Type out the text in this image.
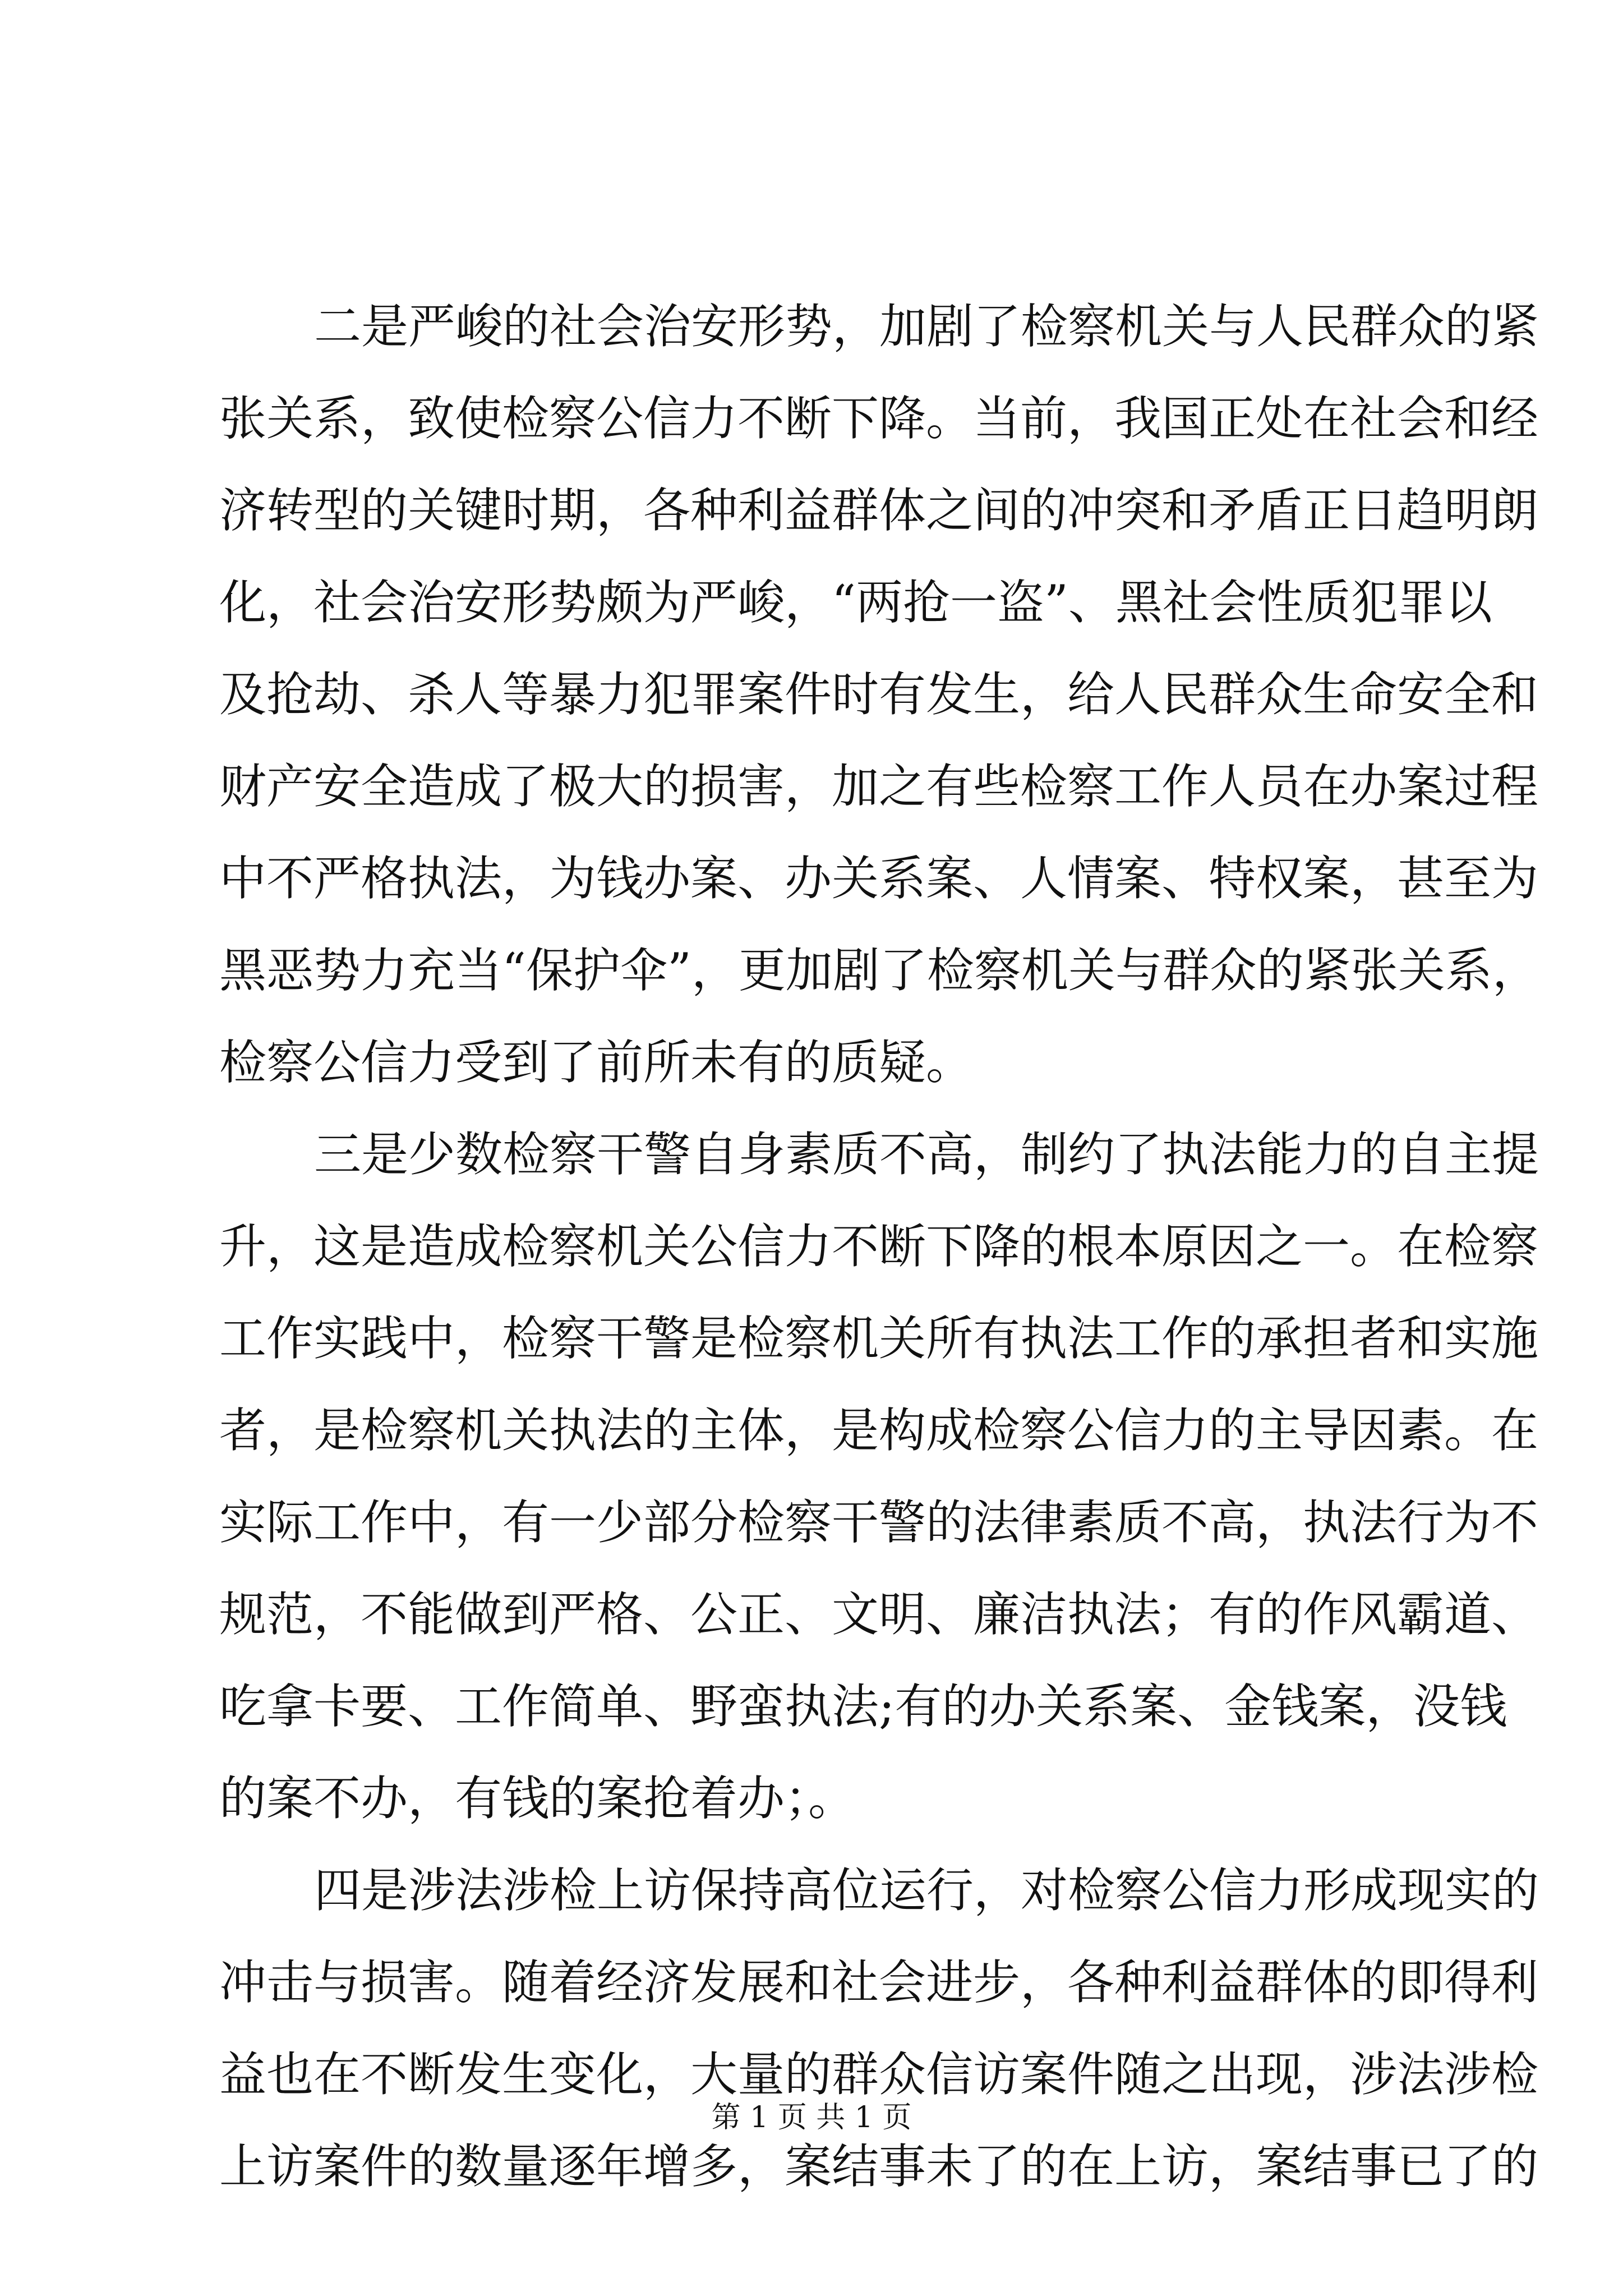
二是严峻的社会治安形势，加剧了检察机关与人民群众的紧
张关系，致使检察公信力不断下降。当前，我国正处在社会和经
济转型的关键时期，各种利益群体之间的冲突和矛盾正日趋明朗
化，社会治安形势颇为严峻，“两抢一盗”、黑社会性质犯罪以
及抢劫、杀人等暴力犯罪案件时有发生，给人民群众生命安全和
财产安全造成了极大的损害，加之有些检察工作人员在办案过程
中不严格执法，为钱办案、办关系案、人情案、特权案，甚至为
黑恶势力充当“保护伞”，更加剧了检察机关与群众的紧张关系，
检察公信力受到了前所未有的质疑。
三是少数检察干警自身素质不高，制约了执法能力的自主提
升，这是造成检察机关公信力不断下降的根本原因之一。在检察
工作实践中，检察干警是检察机关所有执法工作的承担者和实施
者，是检察机关执法的主体，是构成检察公信力的主导因素。在
实际工作中，有一少部分检察干警的法律素质不高，执法行为不
规范，不能做到严格、公正、文明、廉洁执法；有的作风霸道、
吃拿卡要、工作简单、野蛮执法;有的办关系案、金钱案，没钱
的案不办，有钱的案抢着办；。
四是涉法涉检上访保持高位运行，对检察公信力形成现实的
冲击与损害。随着经济发展和社会进步，各种利益群体的即得利
益也在不断发生变化，大量的群众信访案件随之出现，涉法涉检
上访案件的数量逐年增多，案结事未了的在上访，案结事已了的
第 1 页 共 1 页
